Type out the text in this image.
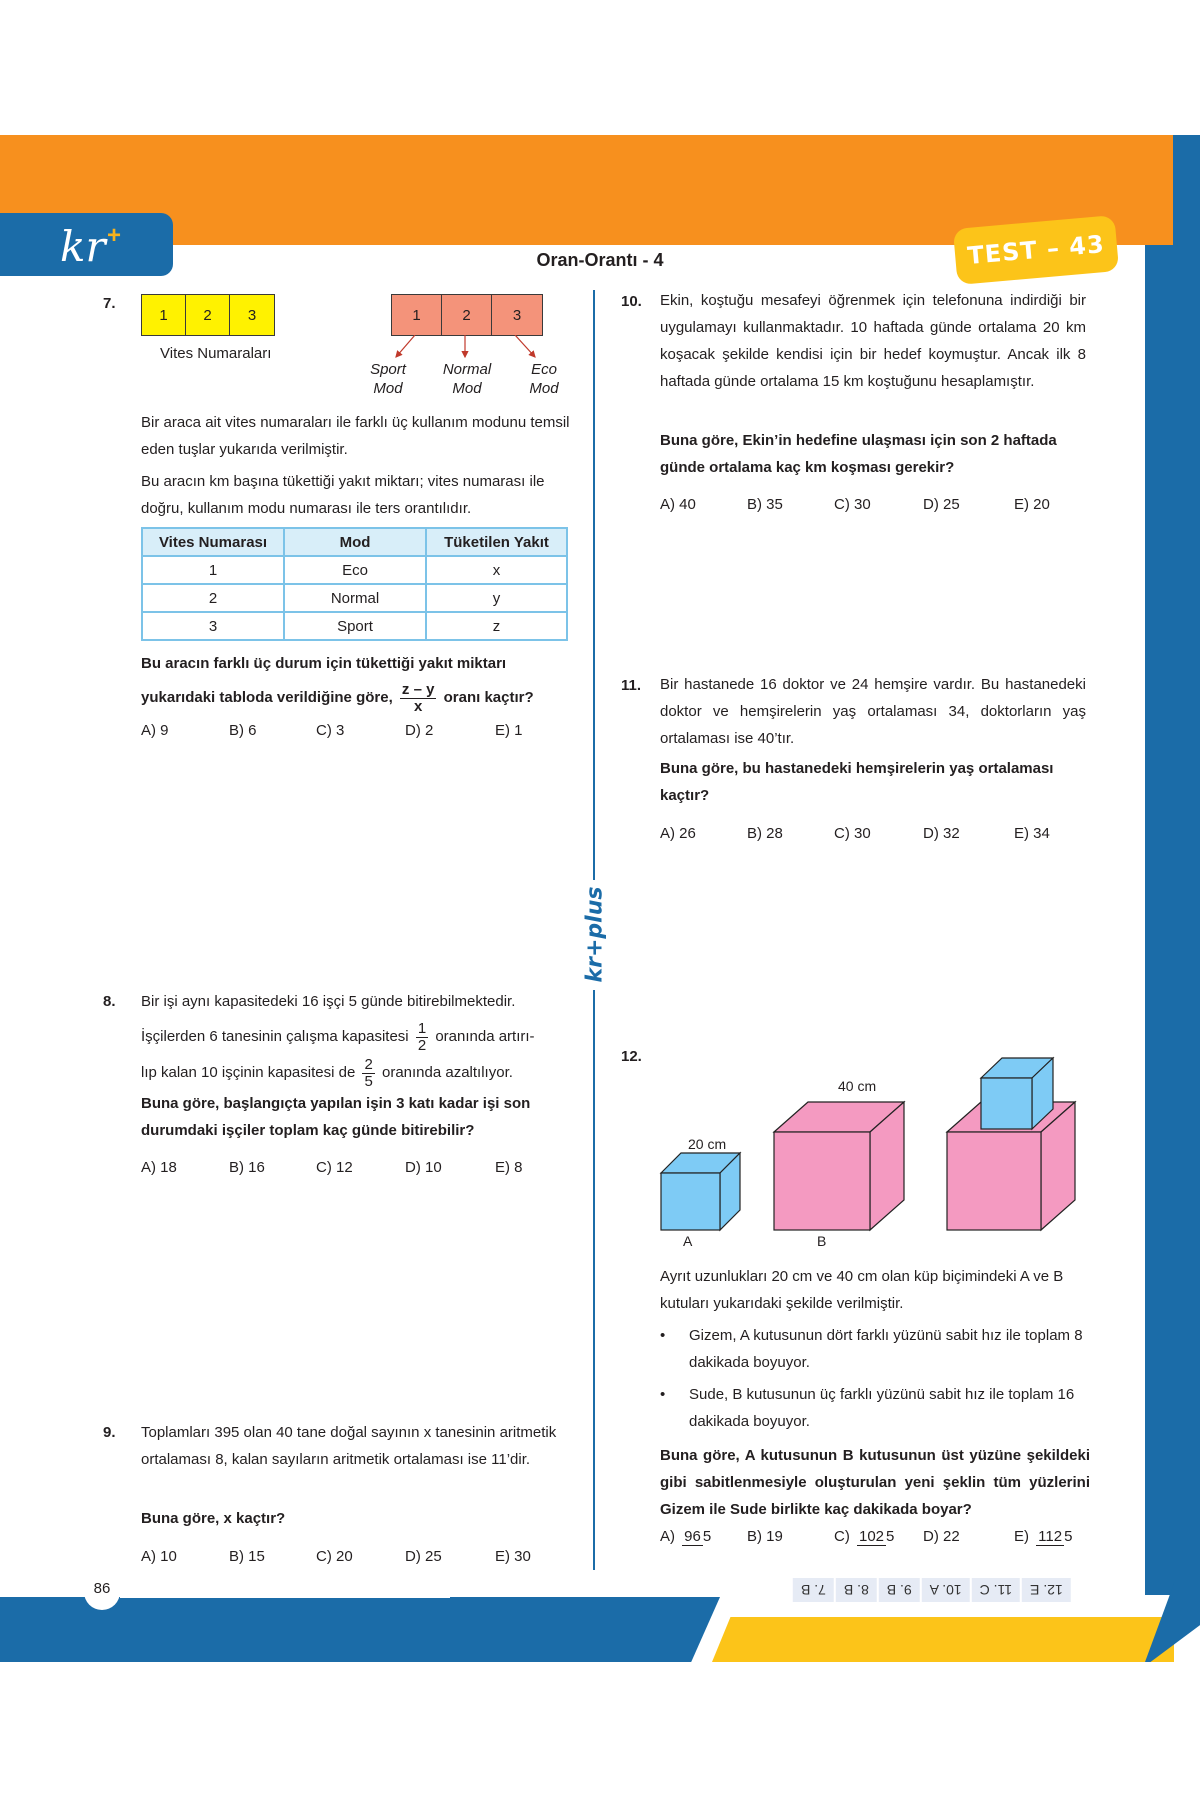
kr +
Oran-Orantı - 4	TEST – 43
kr+plus
7.
1	2	3
Vites Numaraları
1	2	3
Sport
Mod
Normal
Mod
Eco
Mod
Bir araca ait vites numaraları ile farklı üç kullanım modunu temsil eden tuşlar yukarıda verilmiştir.
Bu aracın km başına tükettiği yakıt miktarı; vites numarası ile doğru, kullanım modu numarası ile ters orantılıdır.
Vites Numarası	Mod	Tüketilen Yakıt
1	Eco	x
2	Normal	y
3	Sport	z
Bu aracın farklı üç durum için tükettiği yakıt miktarı yukarıdaki tabloda verildiğine göre, $\frac{z - y}{x}$ oranı kaçtır?
A) 9	B) 6	C) 3	D) 2	E) 1
8. Bir işi aynı kapasitedeki 16 işçi 5 günde bitirebilmektedir.
İşçilerden 6 tanesinin çalışma kapasitesi $\frac{1}{2}$ oranında artırı-
lıp kalan 10 işçinin kapasitesi de $\frac{2}{5}$ oranında azaltılıyor.
Buna göre, başlangıçta yapılan işin 3 katı kadar işi son durumdaki işçiler toplam kaç günde bitirebilir?
A) 18	B) 16	C) 12	D) 10	E) 8
9. Toplamları 395 olan 40 tane doğal sayının x tanesinin aritmetik ortalaması 8, kalan sayıların aritmetik ortalaması ise 11’dir.
Buna göre, x kaçtır?
A) 10	B) 15	C) 20	D) 25	E) 30
10. Ekin, koştuğu mesafeyi öğrenmek için telefonuna indirdiği bir uygulamayı kullanmaktadır. 10 haftada günde ortalama 20 km koşacak şekilde kendisi için bir hedef koymuştur. Ancak ilk 8 haftada günde ortalama 15 km koştuğunu hesaplamıştır.
Buna göre, Ekin’in hedefine ulaşması için son 2 haftada günde ortalama kaç km koşması gerekir?
A) 40	B) 35	C) 30	D) 25	E) 20
11. Bir hastanede 16 doktor ve 24 hemşire vardır. Bu hastanedeki doktor ve hemşirelerin yaş ortalaması 34, doktorların yaş ortalaması ise 40’tır.
Buna göre, bu hastanedeki hemşirelerin yaş ortalaması kaçtır?
A) 26	B) 28	C) 30	D) 32	E) 34
12.
20 cm
40 cm
A	B
Ayrıt uzunlukları 20 cm ve 40 cm olan küp biçimindeki A ve B kutuları yukarıdaki şekilde verilmiştir.
•	Gizem, A kutusunun dört farklı yüzünü sabit hız ile toplam 8 dakikada boyuyor.
•	Sude, B kutusunun üç farklı yüzünü sabit hız ile toplam 16 dakikada boyuyor.
Buna göre, A kutusunun B kutusunun üst yüzüne şekildeki gibi sabitlenmesiyle oluşturulan yeni şeklin tüm yüzlerini Gizem ile Sude birlikte kaç dakikada boyar?
A) 96 5	B) 19	C) 102 5	D) 22	E) 112 5
12. E
11. C
10. A
9. B
8. B
7. B
86
